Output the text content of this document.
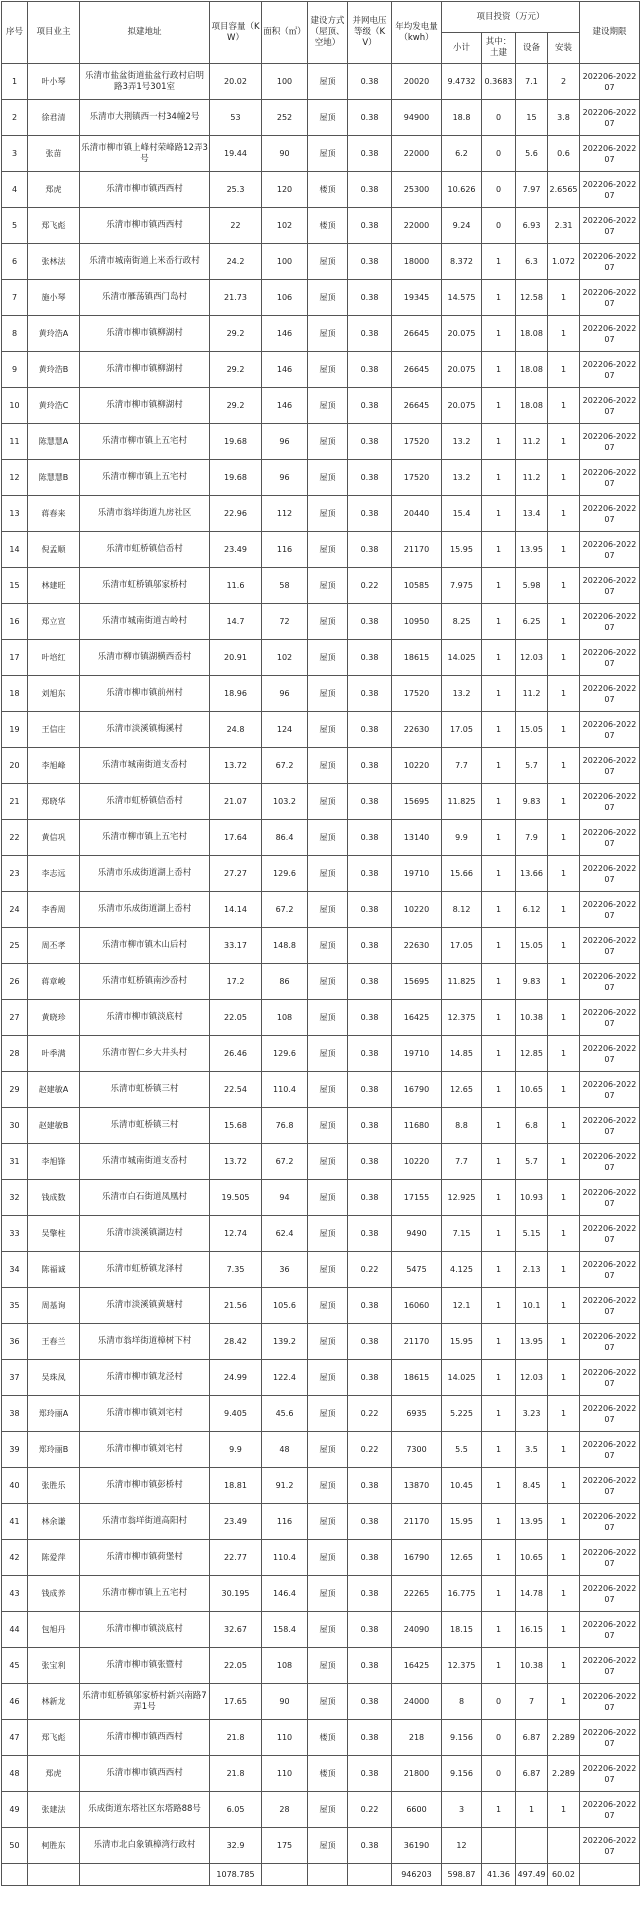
序号	项目业主	拟建地址	项目容量（KW）	面积（㎡）	建设方式（屋顶、空地）	并网电压等级（KV）	年均发电量（kwh）	项目投资（万元）				建设期限
								小计	其中：土建	设备	安装	
1	叶小琴	乐清市盐盆街道盐盆行政村启明路3弄1号301室	20.02	100	屋顶	0.38	20020	9.4732	0.3683	7.1	2	202206-202207
2	徐君清	乐清市大荆镇西一村34幢2号	53	252	屋顶	0.38	94900	18.8	0	15	3.8	202206-202207
3	张苗	乐清市柳市镇上峰村荣峰路12弄3号	19.44	90	屋顶	0.38	22000	6.2	0	5.6	0.6	202206-202207
4	郑虎	乐清市柳市镇西西村	25.3	120	楼顶	0.38	25300	10.626	0	7.97	2.6565	202206-202207
5	郑飞彪	乐清市柳市镇西西村	22	102	楼顶	0.38	22000	9.24	0	6.93	2.31	202206-202207
6	张林法	乐清市城南街道上米岙行政村	24.2	100	屋顶	0.38	18000	8.372	1	6.3	1.072	202206-202207
7	施小琴	乐清市雁荡镇西门岛村	21.73	106	屋顶	0.38	19345	14.575	1	12.58	1	202206-202207
8	黄玲浩A	乐清市柳市镇柳湖村	29.2	146	屋顶	0.38	26645	20.075	1	18.08	1	202206-202207
9	黄玲浩B	乐清市柳市镇柳湖村	29.2	146	屋顶	0.38	26645	20.075	1	18.08	1	202206-202207
10	黄玲浩C	乐清市柳市镇柳湖村	29.2	146	屋顶	0.38	26645	20.075	1	18.08	1	202206-202207
11	陈慧慧A	乐清市柳市镇上五宅村	19.68	96	屋顶	0.38	17520	13.2	1	11.2	1	202206-202207
12	陈慧慧B	乐清市柳市镇上五宅村	19.68	96	屋顶	0.38	17520	13.2	1	11.2	1	202206-202207
13	蒋春来	乐清市翁垟街道九房社区	22.96	112	屋顶	0.38	20440	15.4	1	13.4	1	202206-202207
14	倪孟顺	乐清市虹桥镇信岙村	23.49	116	屋顶	0.38	21170	15.95	1	13.95	1	202206-202207
15	林建旺	乐清市虹桥镇邬家桥村	11.6	58	屋顶	0.22	10585	7.975	1	5.98	1	202206-202207
16	郑立宣	乐清市城南街道吉岭村	14.7	72	屋顶	0.38	10950	8.25	1	6.25	1	202206-202207
17	叶培红	乐清市柳市镇湖横西岙村	20.91	102	屋顶	0.38	18615	14.025	1	12.03	1	202206-202207
18	刘旭东	乐清市柳市镇前州村	18.96	96	屋顶	0.38	17520	13.2	1	11.2	1	202206-202207
19	王信庄	乐清市淡溪镇梅溪村	24.8	124	屋顶	0.38	22630	17.05	1	15.05	1	202206-202207
20	李旭峰	乐清市城南街道支岙村	13.72	67.2	屋顶	0.38	10220	7.7	1	5.7	1	202206-202207
21	郑晓华	乐清市虹桥镇信岙村	21.07	103.2	屋顶	0.38	15695	11.825	1	9.83	1	202206-202207
22	黄信巩	乐清市柳市镇上五宅村	17.64	86.4	屋顶	0.38	13140	9.9	1	7.9	1	202206-202207
23	李志远	乐清市乐成街道湖上岙村	27.27	129.6	屋顶	0.38	19710	15.66	1	13.66	1	202206-202207
24	李香周	乐清市乐成街道湖上岙村	14.14	67.2	屋顶	0.38	10220	8.12	1	6.12	1	202206-202207
25	周丕孝	乐清市柳市镇木山后村	33.17	148.8	屋顶	0.38	22630	17.05	1	15.05	1	202206-202207
26	蒋章峻	乐清市虹桥镇南沙岙村	17.2	86	屋顶	0.38	15695	11.825	1	9.83	1	202206-202207
27	黄晓珍	乐清市柳市镇淡底村	22.05	108	屋顶	0.38	16425	12.375	1	10.38	1	202206-202207
28	叶季满	乐清市智仁乡大井头村	26.46	129.6	屋顶	0.38	19710	14.85	1	12.85	1	202206-202207
29	赵建敏A	乐清市虹桥镇三村	22.54	110.4	屋顶	0.38	16790	12.65	1	10.65	1	202206-202207
30	赵建敏B	乐清市虹桥镇三村	15.68	76.8	屋顶	0.38	11680	8.8	1	6.8	1	202206-202207
31	李旭锋	乐清市城南街道支岙村	13.72	67.2	屋顶	0.38	10220	7.7	1	5.7	1	202206-202207
32	钱成数	乐清市白石街道凤凰村	19.505	94	屋顶	0.38	17155	12.925	1	10.93	1	202206-202207
33	吴擎柱	乐清市淡溪镇湖边村	12.74	62.4	屋顶	0.38	9490	7.15	1	5.15	1	202206-202207
34	陈福诚	乐清市虹桥镇龙泽村	7.35	36	屋顶	0.22	5475	4.125	1	2.13	1	202206-202207
35	周基询	乐清市淡溪镇黄塘村	21.56	105.6	屋顶	0.38	16060	12.1	1	10.1	1	202206-202207
36	王春兰	乐清市翁垟街道樟树下村	28.42	139.2	屋顶	0.38	21170	15.95	1	13.95	1	202206-202207
37	吴珠凤	乐清市柳市镇龙泾村	24.99	122.4	屋顶	0.38	18615	14.025	1	12.03	1	202206-202207
38	郑玲丽A	乐清市柳市镇刘宅村	9.405	45.6	屋顶	0.22	6935	5.225	1	3.23	1	202206-202207
39	郑玲丽B	乐清市柳市镇刘宅村	9.9	48	屋顶	0.22	7300	5.5	1	3.5	1	202206-202207
40	张胜乐	乐清市柳市镇彭桥村	18.81	91.2	屋顶	0.38	13870	10.45	1	8.45	1	202206-202207
41	林余谦	乐清市翁垟街道高阳村	23.49	116	屋顶	0.38	21170	15.95	1	13.95	1	202206-202207
42	陈爱萍	乐清市柳市镇荷堡村	22.77	110.4	屋顶	0.38	16790	12.65	1	10.65	1	202206-202207
43	钱成养	乐清市柳市镇上五宅村	30.195	146.4	屋顶	0.38	22265	16.775	1	14.78	1	202206-202207
44	包旭丹	乐清市柳市镇淡底村	32.67	158.4	屋顶	0.38	24090	18.15	1	16.15	1	202206-202207
45	张宝利	乐清市柳市镇张暨村	22.05	108	屋顶	0.38	16425	12.375	1	10.38	1	202206-202207
46	林新龙	乐清市虹桥镇邬家桥村新兴南路7弄1号	17.65	90	屋顶	0.38	24000	8	0	7	1	202206-202207
47	郑飞彪	乐清市柳市镇西西村	21.8	110	楼顶	0.38	218	9.156	0	6.87	2.289	202206-202207
48	郑虎	乐清市柳市镇西西村	21.8	110	楼顶	0.38	21800	9.156	0	6.87	2.289	202206-202207
49	张建法	乐成街道东塔社区东塔路88号	6.05	28	屋顶	0.22	6600	3	1	1	1	202206-202207
50	柯胜东	乐清市北白象镇樟湾行政村	32.9	175	屋顶	0.38	36190	12				202206-202207
			1078.785				946203	598.87	41.36	497.49	60.02	
